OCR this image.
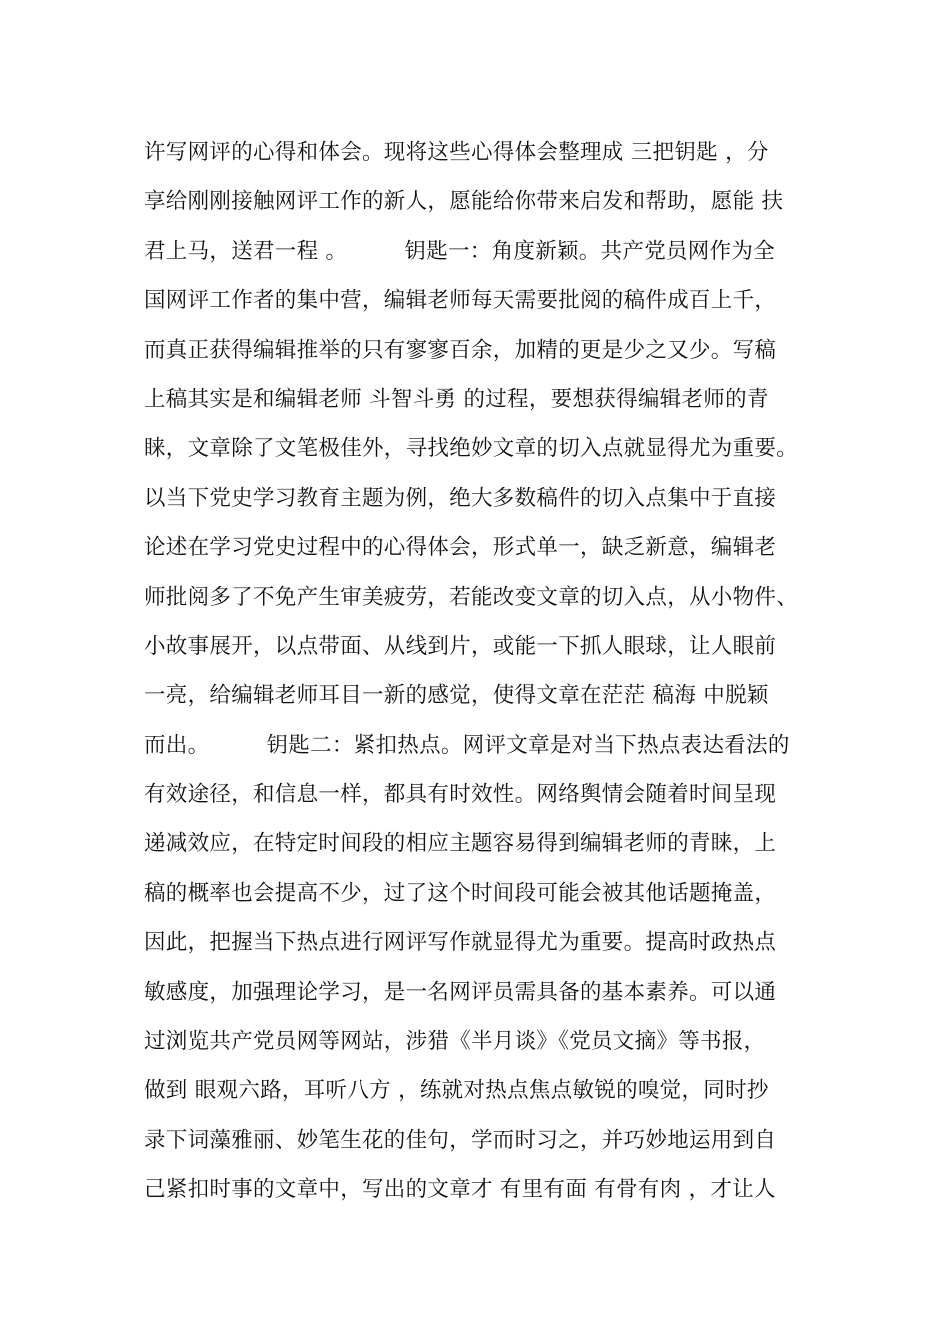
许写网评的心得和体会。现将这些心得体会整理成 三把钥匙 ，分
享给刚刚接触网评工作的新人，愿能给你带来启发和帮助，愿能 扶
君上马，送君一程 。        钥匙一：角度新颖。共产党员网作为全
国网评工作者的集中营，编辑老师每天需要批阅的稿件成百上千，
而真正获得编辑推举的只有寥寥百余，加精的更是少之又少。写稿
上稿其实是和编辑老师 斗智斗勇 的过程，要想获得编辑老师的青
睐，文章除了文笔极佳外，寻找绝妙文章的切入点就显得尤为重要。
以当下党史学习教育主题为例，绝大多数稿件的切入点集中于直接
论述在学习党史过程中的心得体会，形式单一，缺乏新意，编辑老
师批阅多了不免产生审美疲劳，若能改变文章的切入点，从小物件、
小故事展开，以点带面、从线到片，或能一下抓人眼球，让人眼前
一亮，给编辑老师耳目一新的感觉，使得文章在茫茫 稿海 中脱颖
而出。        钥匙二：紧扣热点。网评文章是对当下热点表达看法的
有效途径，和信息一样，都具有时效性。网络舆情会随着时间呈现
递减效应，在特定时间段的相应主题容易得到编辑老师的青睐，上
稿的概率也会提高不少，过了这个时间段可能会被其他话题掩盖，
因此，把握当下热点进行网评写作就显得尤为重要。提高时政热点
敏感度，加强理论学习，是一名网评员需具备的基本素养。可以通
过浏览共产党员网等网站，涉猎《半月谈》《党员文摘》等书报，
做到 眼观六路，耳听八方 ，练就对热点焦点敏锐的嗅觉，同时抄
录下词藻雅丽、妙笔生花的佳句，学而时习之，并巧妙地运用到自
己紧扣时事的文章中，写出的文章才 有里有面 有骨有肉 ，才让人
